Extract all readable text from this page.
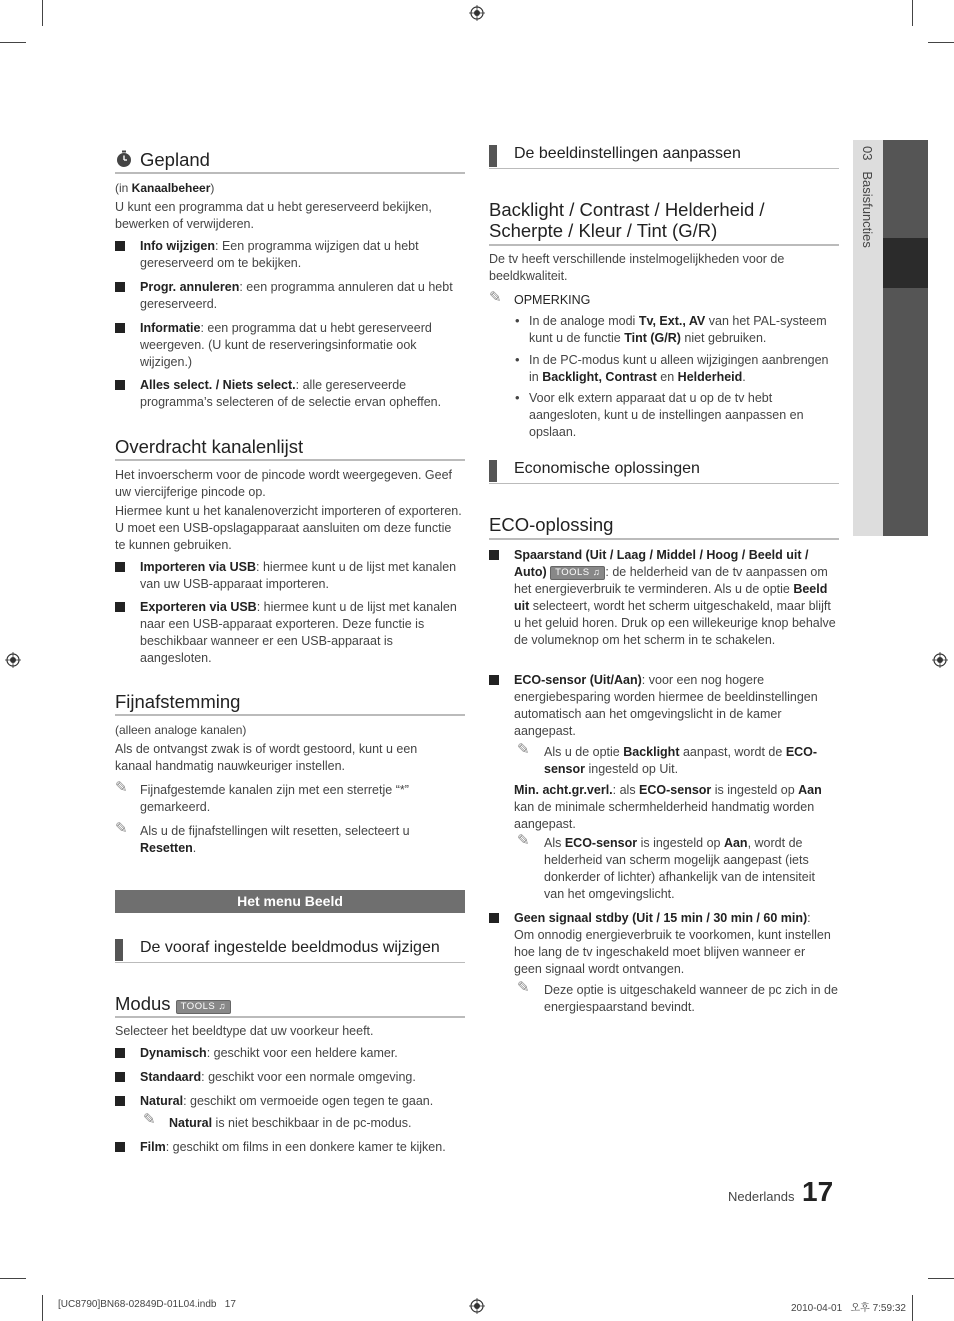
03   Basisfuncties
Gepland
(in Kanaalbeheer)
U kunt een programma dat u hebt gereserveerd bekijken, bewerken of verwijderen.
Info wijzigen: Een programma wijzigen dat u hebt gereserveerd om te bekijken.
Progr. annuleren: een programma annuleren dat u hebt gereserveerd.
Informatie: een programma dat u hebt gereserveerd weergeven. (U kunt de reserveringsinformatie ook wijzigen.)
Alles select. / Niets select.: alle gereserveerde programma’s selecteren of de selectie ervan opheffen.
Overdracht kanalenlijst
Het invoerscherm voor de pincode wordt weergegeven. Geef uw viercijferige pincode op.
Hiermee kunt u het kanalenoverzicht importeren of exporteren. U moet een USB-opslagapparaat aansluiten om deze functie te kunnen gebruiken.
Importeren via USB: hiermee kunt u de lijst met kanalen van uw USB-apparaat importeren.
Exporteren via USB: hiermee kunt u de lijst met kanalen naar een USB-apparaat exporteren. Deze functie is beschikbaar wanneer er een USB-apparaat is aangesloten.
Fijnafstemming
(alleen analoge kanalen)
Als de ontvangst zwak is of wordt gestoord, kunt u een kanaal handmatig nauwkeuriger instellen.
✎ Fijnafgestemde kanalen zijn met een sterretje “*” gemarkeerd.
✎ Als u de fijnafstellingen wilt resetten, selecteert u Resetten.
Het menu Beeld
De vooraf ingestelde beeldmodus wijzigen
Modus TOOLS ♫
Selecteer het beeldtype dat uw voorkeur heeft.
Dynamisch: geschikt voor een heldere kamer.
Standaard: geschikt voor een normale omgeving.
Natural: geschikt om vermoeide ogen tegen te gaan.
✎ Natural is niet beschikbaar in de pc-modus.
Film: geschikt om films in een donkere kamer te kijken.
De beeldinstellingen aanpassen
Backlight / Contrast / Helderheid /
Scherpte / Kleur / Tint (G/R)
De tv heeft verschillende instelmogelijkheden voor de beeldkwaliteit.
✎ OPMERKING
• In de analoge modi Tv, Ext., AV van het PAL-systeem kunt u de functie Tint (G/R) niet gebruiken.
• In de PC-modus kunt u alleen wijzigingen aanbrengen in Backlight, Contrast en Helderheid.
• Voor elk extern apparaat dat u op de tv hebt aangesloten, kunt u de instellingen aanpassen en opslaan.
Economische oplossingen
ECO-oplossing
Spaarstand (Uit / Laag / Middel / Hoog / Beeld uit / Auto) TOOLS ♫ : de helderheid van de tv aanpassen om het energieverbruik te verminderen. Als u de optie Beeld uit selecteert, wordt het scherm uitgeschakeld, maar blijft u het geluid horen. Druk op een willekeurige knop behalve de volumeknop om het scherm in te schakelen.
ECO-sensor (Uit/Aan): voor een nog hogere energiebesparing worden hiermee de beeldinstellingen automatisch aan het omgevingslicht in de kamer aangepast.
✎ Als u de optie Backlight aanpast, wordt de ECO-sensor ingesteld op Uit.
Min. acht.gr.verl.: als ECO-sensor is ingesteld op Aan kan de minimale schermhelderheid handmatig worden aangepast.
✎ Als ECO-sensor is ingesteld op Aan, wordt de helderheid van scherm mogelijk aangepast (iets donkerder of lichter) afhankelijk van de intensiteit van het omgevingslicht.
Geen signaal stdby (Uit / 15 min / 30 min / 60 min): Om onnodig energieverbruik te voorkomen, kunt instellen hoe lang de tv ingeschakeld moet blijven wanneer er geen signaal wordt ontvangen.
✎ Deze optie is uitgeschakeld wanneer de pc zich in de energiespaarstand bevindt.
Nederlands 17
[UC8790]BN68-02849D-01L04.indb   17	2010-04-01   오후 7:59:32
